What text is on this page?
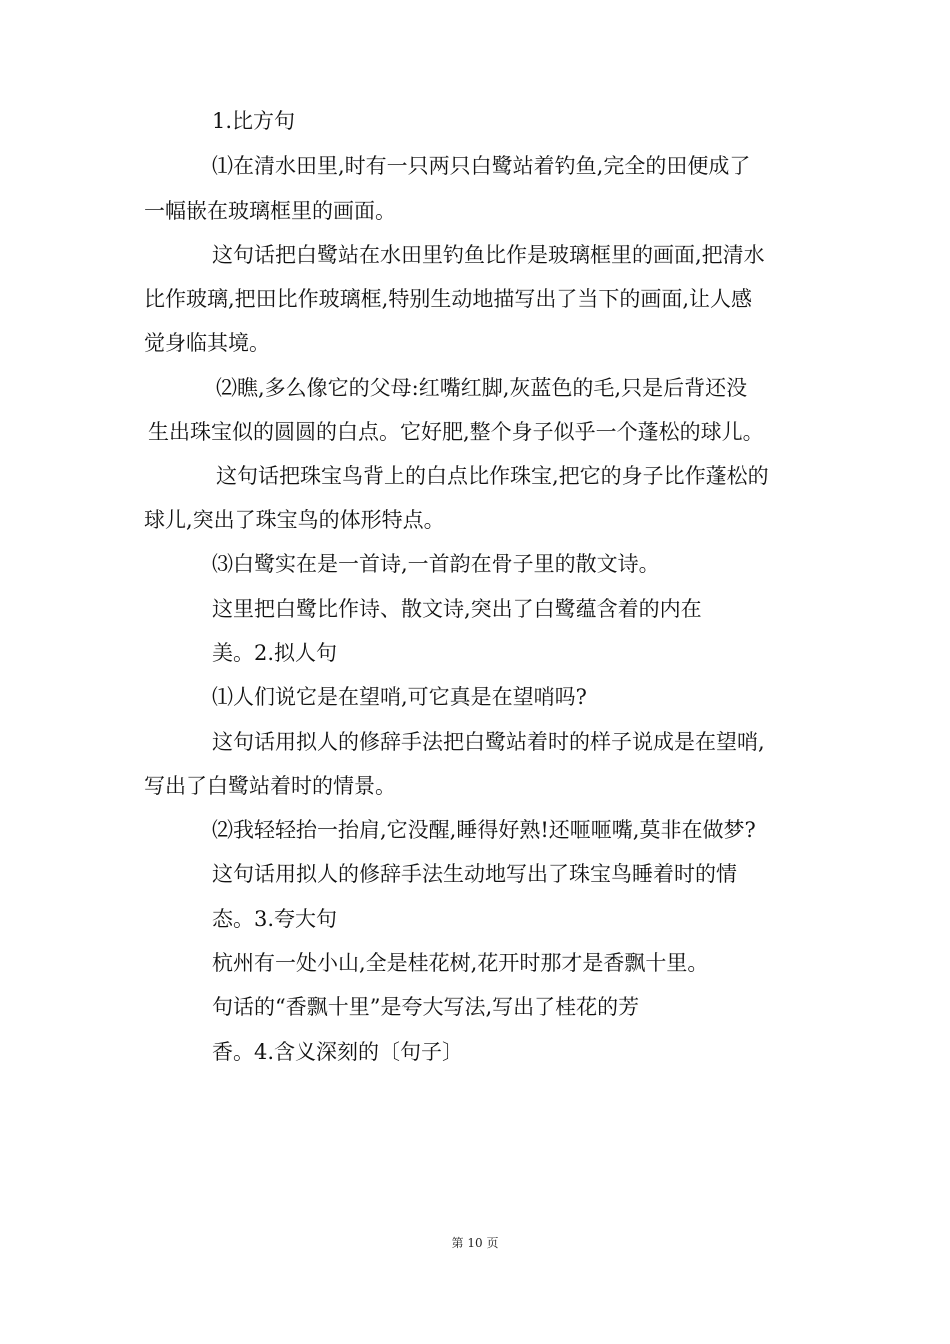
1.比方句
⑴在清水田里,时有一只两只白鹭站着钓鱼,完全的田便成了
一幅嵌在玻璃框里的画面。
这句话把白鹭站在水田里钓鱼比作是玻璃框里的画面,把清水
比作玻璃,把田比作玻璃框,特别生动地描写出了当下的画面,让人感
觉身临其境。
⑵瞧,多么像它的父母:红嘴红脚,灰蓝色的毛,只是后背还没
生出珠宝似的圆圆的白点。它好肥,整个身子似乎一个蓬松的球儿。
这句话把珠宝鸟背上的白点比作珠宝,把它的身子比作蓬松的
球儿,突出了珠宝鸟的体形特点。
⑶白鹭实在是一首诗,一首韵在骨子里的散文诗。
这里把白鹭比作诗、散文诗,突出了白鹭蕴含着的内在
美。2.拟人句
⑴人们说它是在望哨,可它真是在望哨吗?
这句话用拟人的修辞手法把白鹭站着时的样子说成是在望哨,
写出了白鹭站着时的情景。
⑵我轻轻抬一抬肩,它没醒,睡得好熟!还咂咂嘴,莫非在做梦?
这句话用拟人的修辞手法生动地写出了珠宝鸟睡着时的情
态。3.夸大句
杭州有一处小山,全是桂花树,花开时那才是香飘十里。
句话的“香飘十里”是夸大写法,写出了桂花的芳
香。4.含义深刻的〔句子〕
第 10 页
